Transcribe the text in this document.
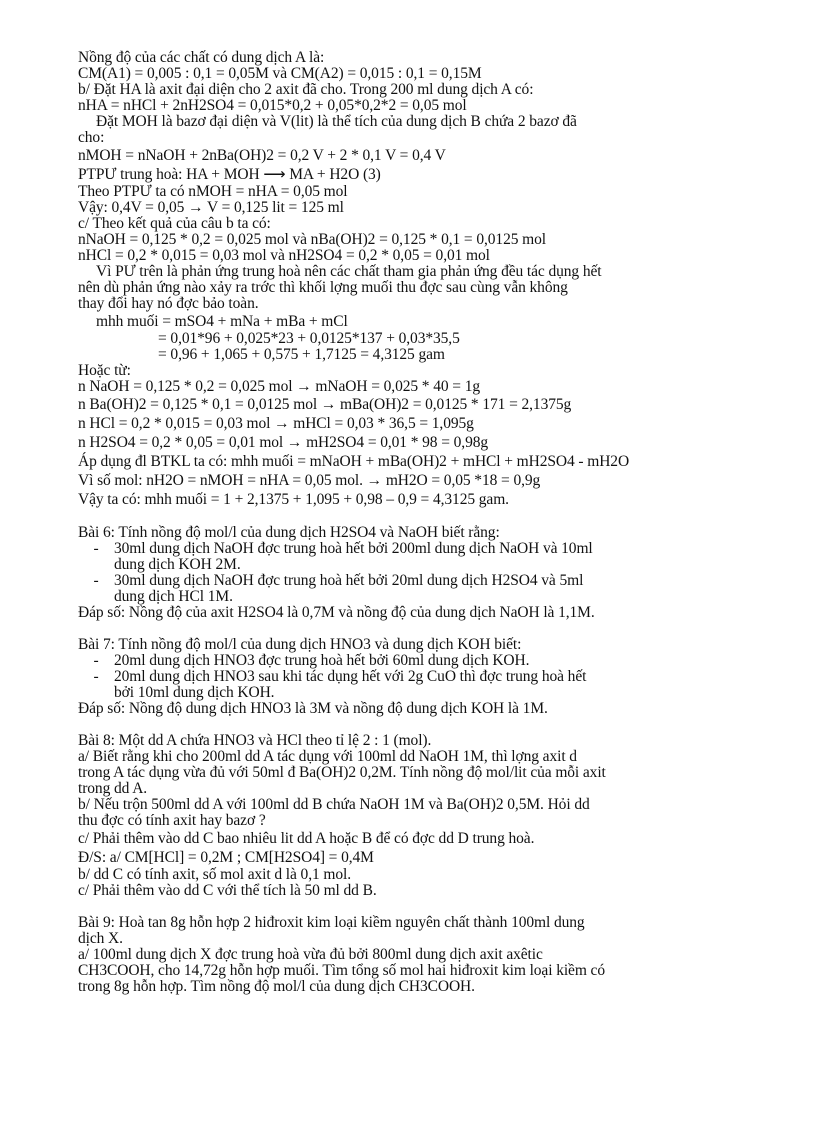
Nồng độ của các chất có dung dịch A là:
CM(A1) = 0,005 : 0,1 = 0,05M và CM(A2) = 0,015 : 0,1 = 0,15M
b/ Đặt HA là axit đại diện cho 2 axit đã cho. Trong 200 ml dung dịch A có:
nHA = nHCl + 2nH2SO4 = 0,015*0,2 + 0,05*0,2*2 = 0,05 mol
Đặt MOH là bazơ đại diện và V(lit) là thể tích của dung dịch B chứa 2 bazơ đã
cho:
nMOH = nNaOH + 2nBa(OH)2 = 0,2 V + 2 * 0,1 V = 0,4 V
PTPƯ trung hoà: HA + MOH ⟶ MA + H2O (3)
Theo PTPƯ ta có nMOH = nHA = 0,05 mol
Vậy: 0,4V = 0,05 → V = 0,125 lit = 125 ml
c/ Theo kết quả của câu b ta có:
nNaOH = 0,125 * 0,2 = 0,025 mol và nBa(OH)2 = 0,125 * 0,1 = 0,0125 mol
nHCl = 0,2 * 0,015 = 0,03 mol và nH2SO4 = 0,2 * 0,05 = 0,01 mol
Vì PƯ trên là phản ứng trung hoà nên các chất tham gia phản ứng đều tác dụng hết
nên dù phản ứng nào xảy ra trớc thì khối lợng muối thu đợc sau cùng vẫn không
thay đổi hay nó đợc bảo toàn.
mhh muối = mSO4 + mNa + mBa + mCl
= 0,01*96 + 0,025*23 + 0,0125*137 + 0,03*35,5
= 0,96 + 1,065 + 0,575 + 1,7125 = 4,3125 gam
Hoặc từ:
n NaOH = 0,125 * 0,2 = 0,025 mol → mNaOH = 0,025 * 40 = 1g
n Ba(OH)2 = 0,125 * 0,1 = 0,0125 mol → mBa(OH)2 = 0,0125 * 171 = 2,1375g
n HCl = 0,2 * 0,015 = 0,03 mol → mHCl = 0,03 * 36,5 = 1,095g
n H2SO4 = 0,2 * 0,05 = 0,01 mol → mH2SO4 = 0,01 * 98 = 0,98g
Áp dụng đl BTKL ta có: mhh muối = mNaOH + mBa(OH)2 + mHCl + mH2SO4 - mH2O
Vì số mol: nH2O = nMOH = nHA = 0,05 mol. → mH2O = 0,05 *18 = 0,9g
Vậy ta có: mhh muối = 1 + 2,1375 + 1,095 + 0,98 – 0,9 = 4,3125 gam.
Bài 6: Tính nồng độ mol/l của dung dịch H2SO4 và NaOH biết rằng:
- 30ml dung dịch NaOH đợc trung hoà hết bởi 200ml dung dịch NaOH và 10ml
dung dịch KOH 2M.
- 30ml dung dịch NaOH đợc trung hoà hết bởi 20ml dung dịch H2SO4 và 5ml
dung dịch HCl 1M.
Đáp số: Nồng độ của axit H2SO4 là 0,7M và nồng độ của dung dịch NaOH là 1,1M.
Bài 7: Tính nồng độ mol/l của dung dịch HNO3 và dung dịch KOH biết:
- 20ml dung dịch HNO3 đợc trung hoà hết bởi 60ml dung dịch KOH.
- 20ml dung dịch HNO3 sau khi tác dụng hết với 2g CuO thì đợc trung hoà hết
bởi 10ml dung dịch KOH.
Đáp số: Nồng độ dung dịch HNO3 là 3M và nồng độ dung dịch KOH là 1M.
Bài 8: Một dd A chứa HNO3 và HCl theo tỉ lệ 2 : 1 (mol).
a/ Biết rằng khi cho 200ml dd A tác dụng với 100ml dd NaOH 1M, thì lợng axit d
trong A tác dụng vừa đủ với 50ml đ Ba(OH)2 0,2M. Tính nồng độ mol/lit của mỗi axit
trong dd A.
b/ Nếu trộn 500ml dd A với 100ml dd B chứa NaOH 1M và Ba(OH)2 0,5M. Hỏi dd
thu đợc có tính axit hay bazơ ?
c/ Phải thêm vào dd C bao nhiêu lit dd A hoặc B để có đợc dd D trung hoà.
Đ/S: a/ CM[HCl] = 0,2M ; CM[H2SO4] = 0,4M
b/ dd C có tính axit, số mol axit d là 0,1 mol.
c/ Phải thêm vào dd C với thể tích là 50 ml dd B.
Bài 9: Hoà tan 8g hỗn hợp 2 hiđroxit kim loại kiềm nguyên chất thành 100ml dung
dịch X.
a/ 100ml dung dịch X đợc trung hoà vừa đủ bởi 800ml dung dịch axit axêtic
CH3COOH, cho 14,72g hỗn hợp muối. Tìm tổng số mol hai hiđroxit kim loại kiềm có
trong 8g hỗn hợp. Tìm nồng độ mol/l của dung dịch CH3COOH.
